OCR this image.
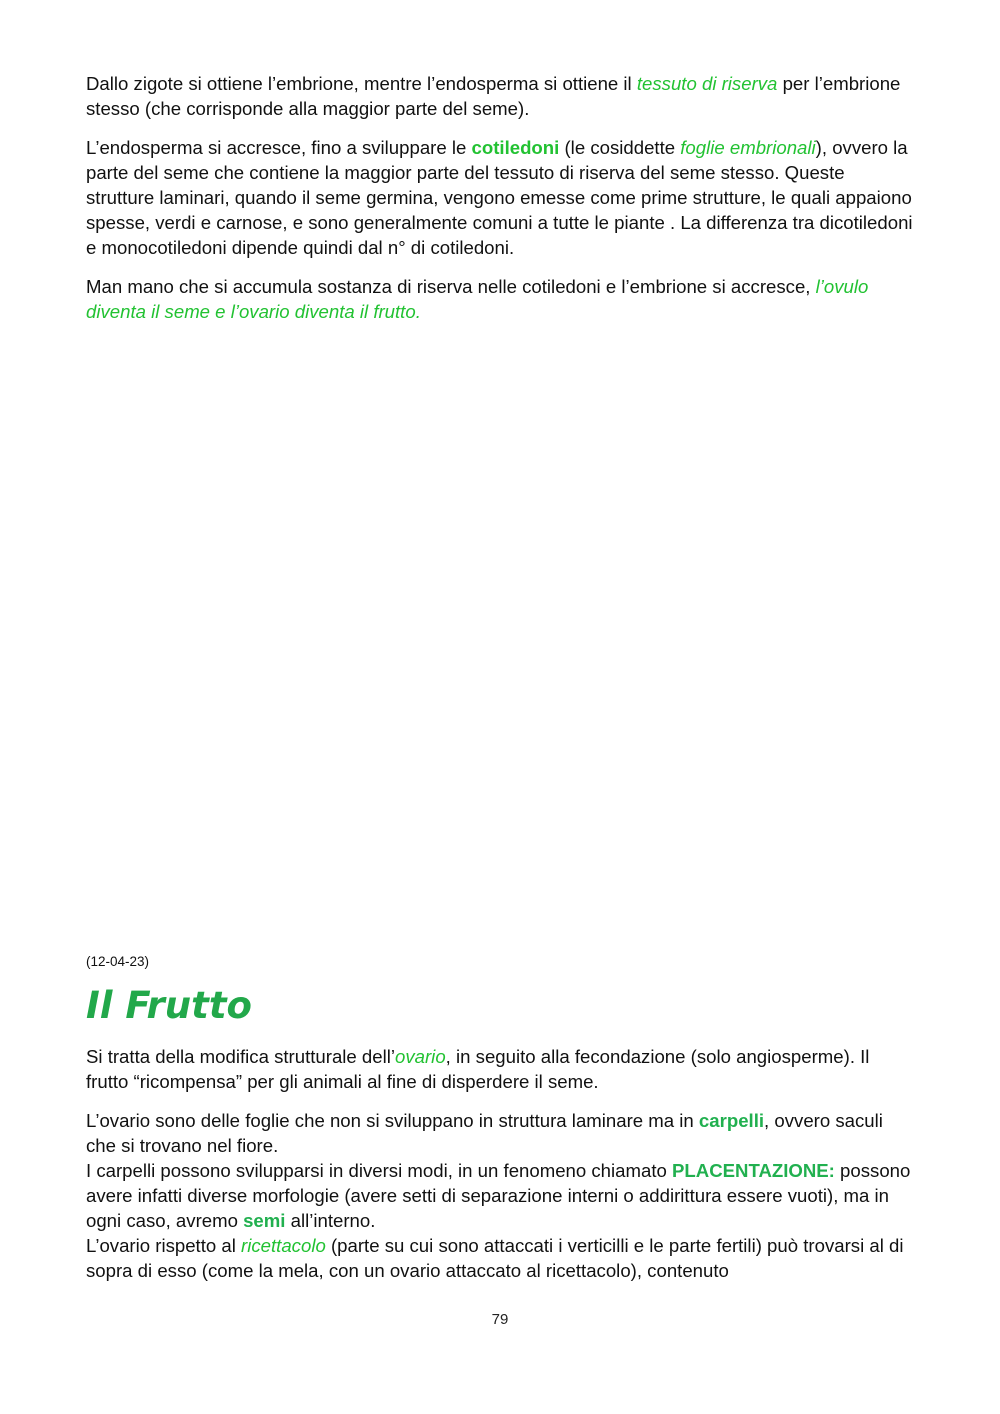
Dallo zigote si ottiene l’embrione, mentre l’endosperma si ottiene il tessuto di riserva per l’embrione stesso (che corrisponde alla maggior parte del seme).

L’endosperma si accresce, fino a sviluppare le cotiledoni (le cosiddette foglie embrionali), ovvero la parte del seme che contiene la maggior parte del tessuto di riserva del seme stesso. Queste strutture laminari, quando il seme germina, vengono emesse come prime strutture, le quali appaiono spesse, verdi e carnose, e sono generalmente comuni a tutte le piante . La differenza tra dicotiledoni e monocotiledoni dipende quindi dal n° di cotiledoni.

Man mano che si accumula sostanza di riserva nelle cotiledoni e l’embrione si accresce, l’ovulo diventa il seme e l’ovario diventa il frutto.

(12-04-23)
Il Frutto

Si tratta della modifica strutturale dell’ovario, in seguito alla fecondazione (solo angiosperme). Il frutto “ricompensa” per gli animali al fine di disperdere il seme.

L’ovario sono delle foglie che non si sviluppano in struttura laminare ma in carpelli, ovvero saculi che si trovano nel fiore.
I carpelli possono svilupparsi in diversi modi, in un fenomeno chiamato PLACENTAZIONE: possono avere infatti diverse morfologie (avere setti di separazione interni o addirittura essere vuoti), ma in ogni caso, avremo semi all’interno.
L’ovario rispetto al ricettacolo (parte su cui sono attaccati i verticilli e le parte fertili) può trovarsi al di sopra di esso (come la mela, con un ovario attaccato al ricettacolo), contenuto

79
